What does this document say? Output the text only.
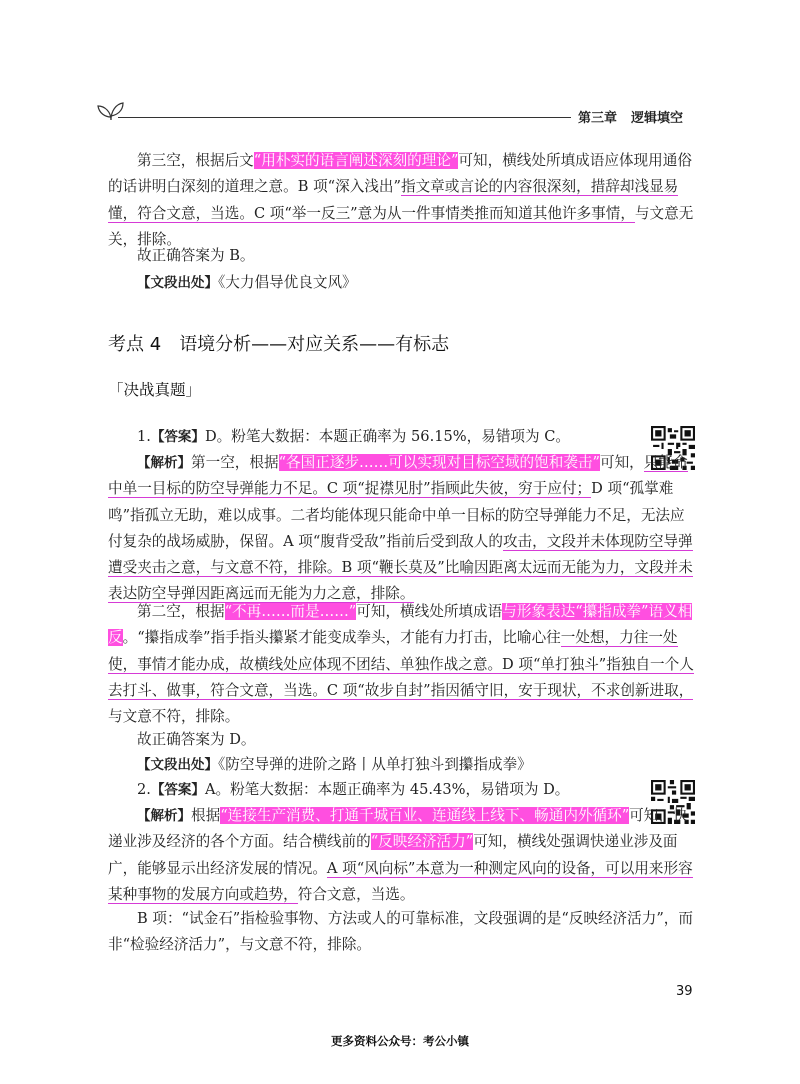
第三章 逻辑填空

第三空，根据后文“用朴实的语言阐述深刻的理论”可知，横线处所填成语应体现用通俗的话讲明白深刻的道理之意。B 项“深入浅出”指文章或言论的内容很深刻，措辞却浅显易懂，符合文意，当选。C 项“举一反三”意为从一件事情类推而知道其他许多事情，与文意无关，排除。

故正确答案为 B。

【文段出处】《大力倡导优良文风》

考点 4 语境分析——对应关系——有标志
「决战真题」

1.【答案】D。粉笔大数据：本题正确率为 56.15%，易错项为 C。

【解析】第一空，根据“各国正逐步……可以实现对目标空域的饱和袭击”可知，只能命中单一目标的防空导弹能力不足。C 项“捉襟见肘”指顾此失彼，穷于应付；D 项“孤掌难鸣”指孤立无助，难以成事。二者均能体现只能命中单一目标的防空导弹能力不足，无法应付复杂的战场威胁，保留。A 项“腹背受敌”指前后受到敌人的攻击，文段并未体现防空导弹遭受夹击之意，与文意不符，排除。B 项“鞭长莫及”比喻因距离太远而无能为力，文段并未表达防空导弹因距离远而无能为力之意，排除。

第二空，根据“不再……而是……”可知，横线处所填成语与形象表达“攥指成拳”语义相反。“攥指成拳”指手指头攥紧才能变成拳头，才能有力打击，比喻心往一处想，力往一处使，事情才能办成，故横线处应体现不团结、单独作战之意。D 项“单打独斗”指独自一个人去打斗、做事，符合文意，当选。C 项“故步自封”指因循守旧，安于现状，不求创新进取，与文意不符，排除。

故正确答案为 D。

【文段出处】《防空导弹的进阶之路丨从单打独斗到攥指成拳》

2.【答案】A。粉笔大数据：本题正确率为 45.43%，易错项为 D。

【解析】根据“连接生产消费、打通千城百业、连通线上线下、畅通内外循环”可知，快递业涉及经济的各个方面。结合横线前的“反映经济活力”可知，横线处强调快递业涉及面广，能够显示出经济发展的情况。A 项“风向标”本意为一种测定风向的设备，可以用来形容某种事物的发展方向或趋势，符合文意，当选。

B 项：“试金石”指检验事物、方法或人的可靠标准，文段强调的是“反映经济活力”，而非“检验经济活力”，与文意不符，排除。

39
更多资料公众号：考公小镇
